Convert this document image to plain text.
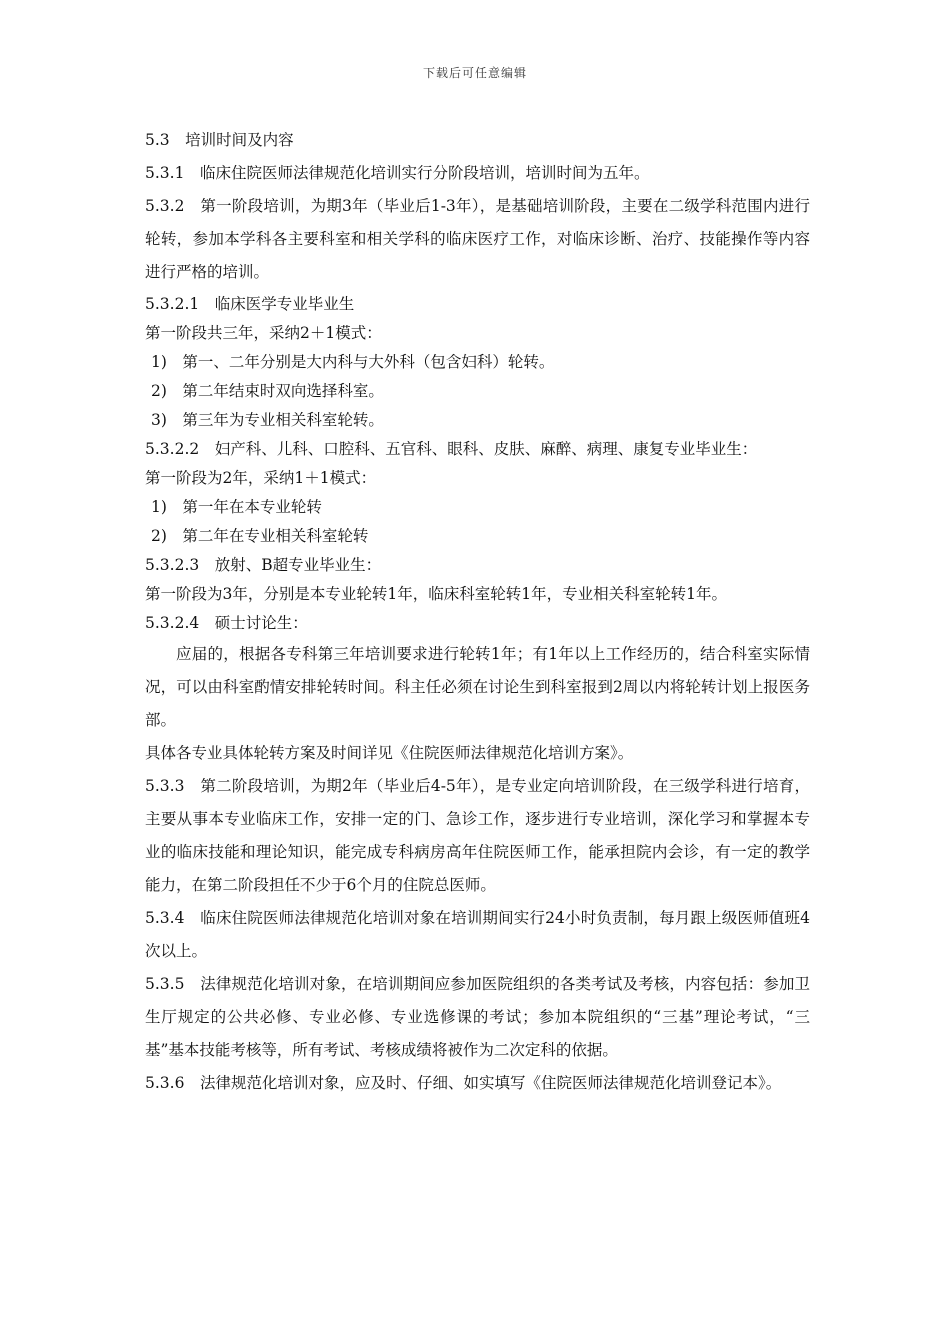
下载后可任意编辑
5.3　培训时间及内容
5.3.1　临床住院医师法律规范化培训实行分阶段培训，培训时间为五年。
5.3.2　第一阶段培训，为期3年（毕业后1-3年），是基础培训阶段，主要在二级学科范围内进行轮转，参加本学科各主要科室和相关学科的临床医疗工作，对临床诊断、治疗、技能操作等内容进行严格的培训。
5.3.2.1　临床医学专业毕业生
第一阶段共三年，采纳2＋1模式：
1)　第一、二年分别是大内科与大外科（包含妇科）轮转。
2)　第二年结束时双向选择科室。
3)　第三年为专业相关科室轮转。
5.3.2.2　妇产科、儿科、口腔科、五官科、眼科、皮肤、麻醉、病理、康复专业毕业生：
第一阶段为2年，采纳1＋1模式：
1)　第一年在本专业轮转
2)　第二年在专业相关科室轮转
5.3.2.3　放射、B超专业毕业生：
第一阶段为3年，分别是本专业轮转1年，临床科室轮转1年，专业相关科室轮转1年。
5.3.2.4　硕士讨论生：
应届的，根据各专科第三年培训要求进行轮转1年；有1年以上工作经历的，结合科室实际情况，可以由科室酌情安排轮转时间。科主任必须在讨论生到科室报到2周以内将轮转计划上报医务部。
具体各专业具体轮转方案及时间详见《住院医师法律规范化培训方案》。
5.3.3　第二阶段培训，为期2年（毕业后4-5年），是专业定向培训阶段，在三级学科进行培育，主要从事本专业临床工作，安排一定的门、急诊工作，逐步进行专业培训，深化学习和掌握本专业的临床技能和理论知识，能完成专科病房高年住院医师工作，能承担院内会诊，有一定的教学能力，在第二阶段担任不少于6个月的住院总医师。
5.3.4　临床住院医师法律规范化培训对象在培训期间实行24小时负责制，每月跟上级医师值班4次以上。
5.3.5　法律规范化培训对象，在培训期间应参加医院组织的各类考试及考核，内容包括：参加卫生厅规定的公共必修、专业必修、专业选修课的考试；参加本院组织的“三基”理论考试，“三基”基本技能考核等，所有考试、考核成绩将被作为二次定科的依据。
5.3.6　法律规范化培训对象，应及时、仔细、如实填写《住院医师法律规范化培训登记本》。
